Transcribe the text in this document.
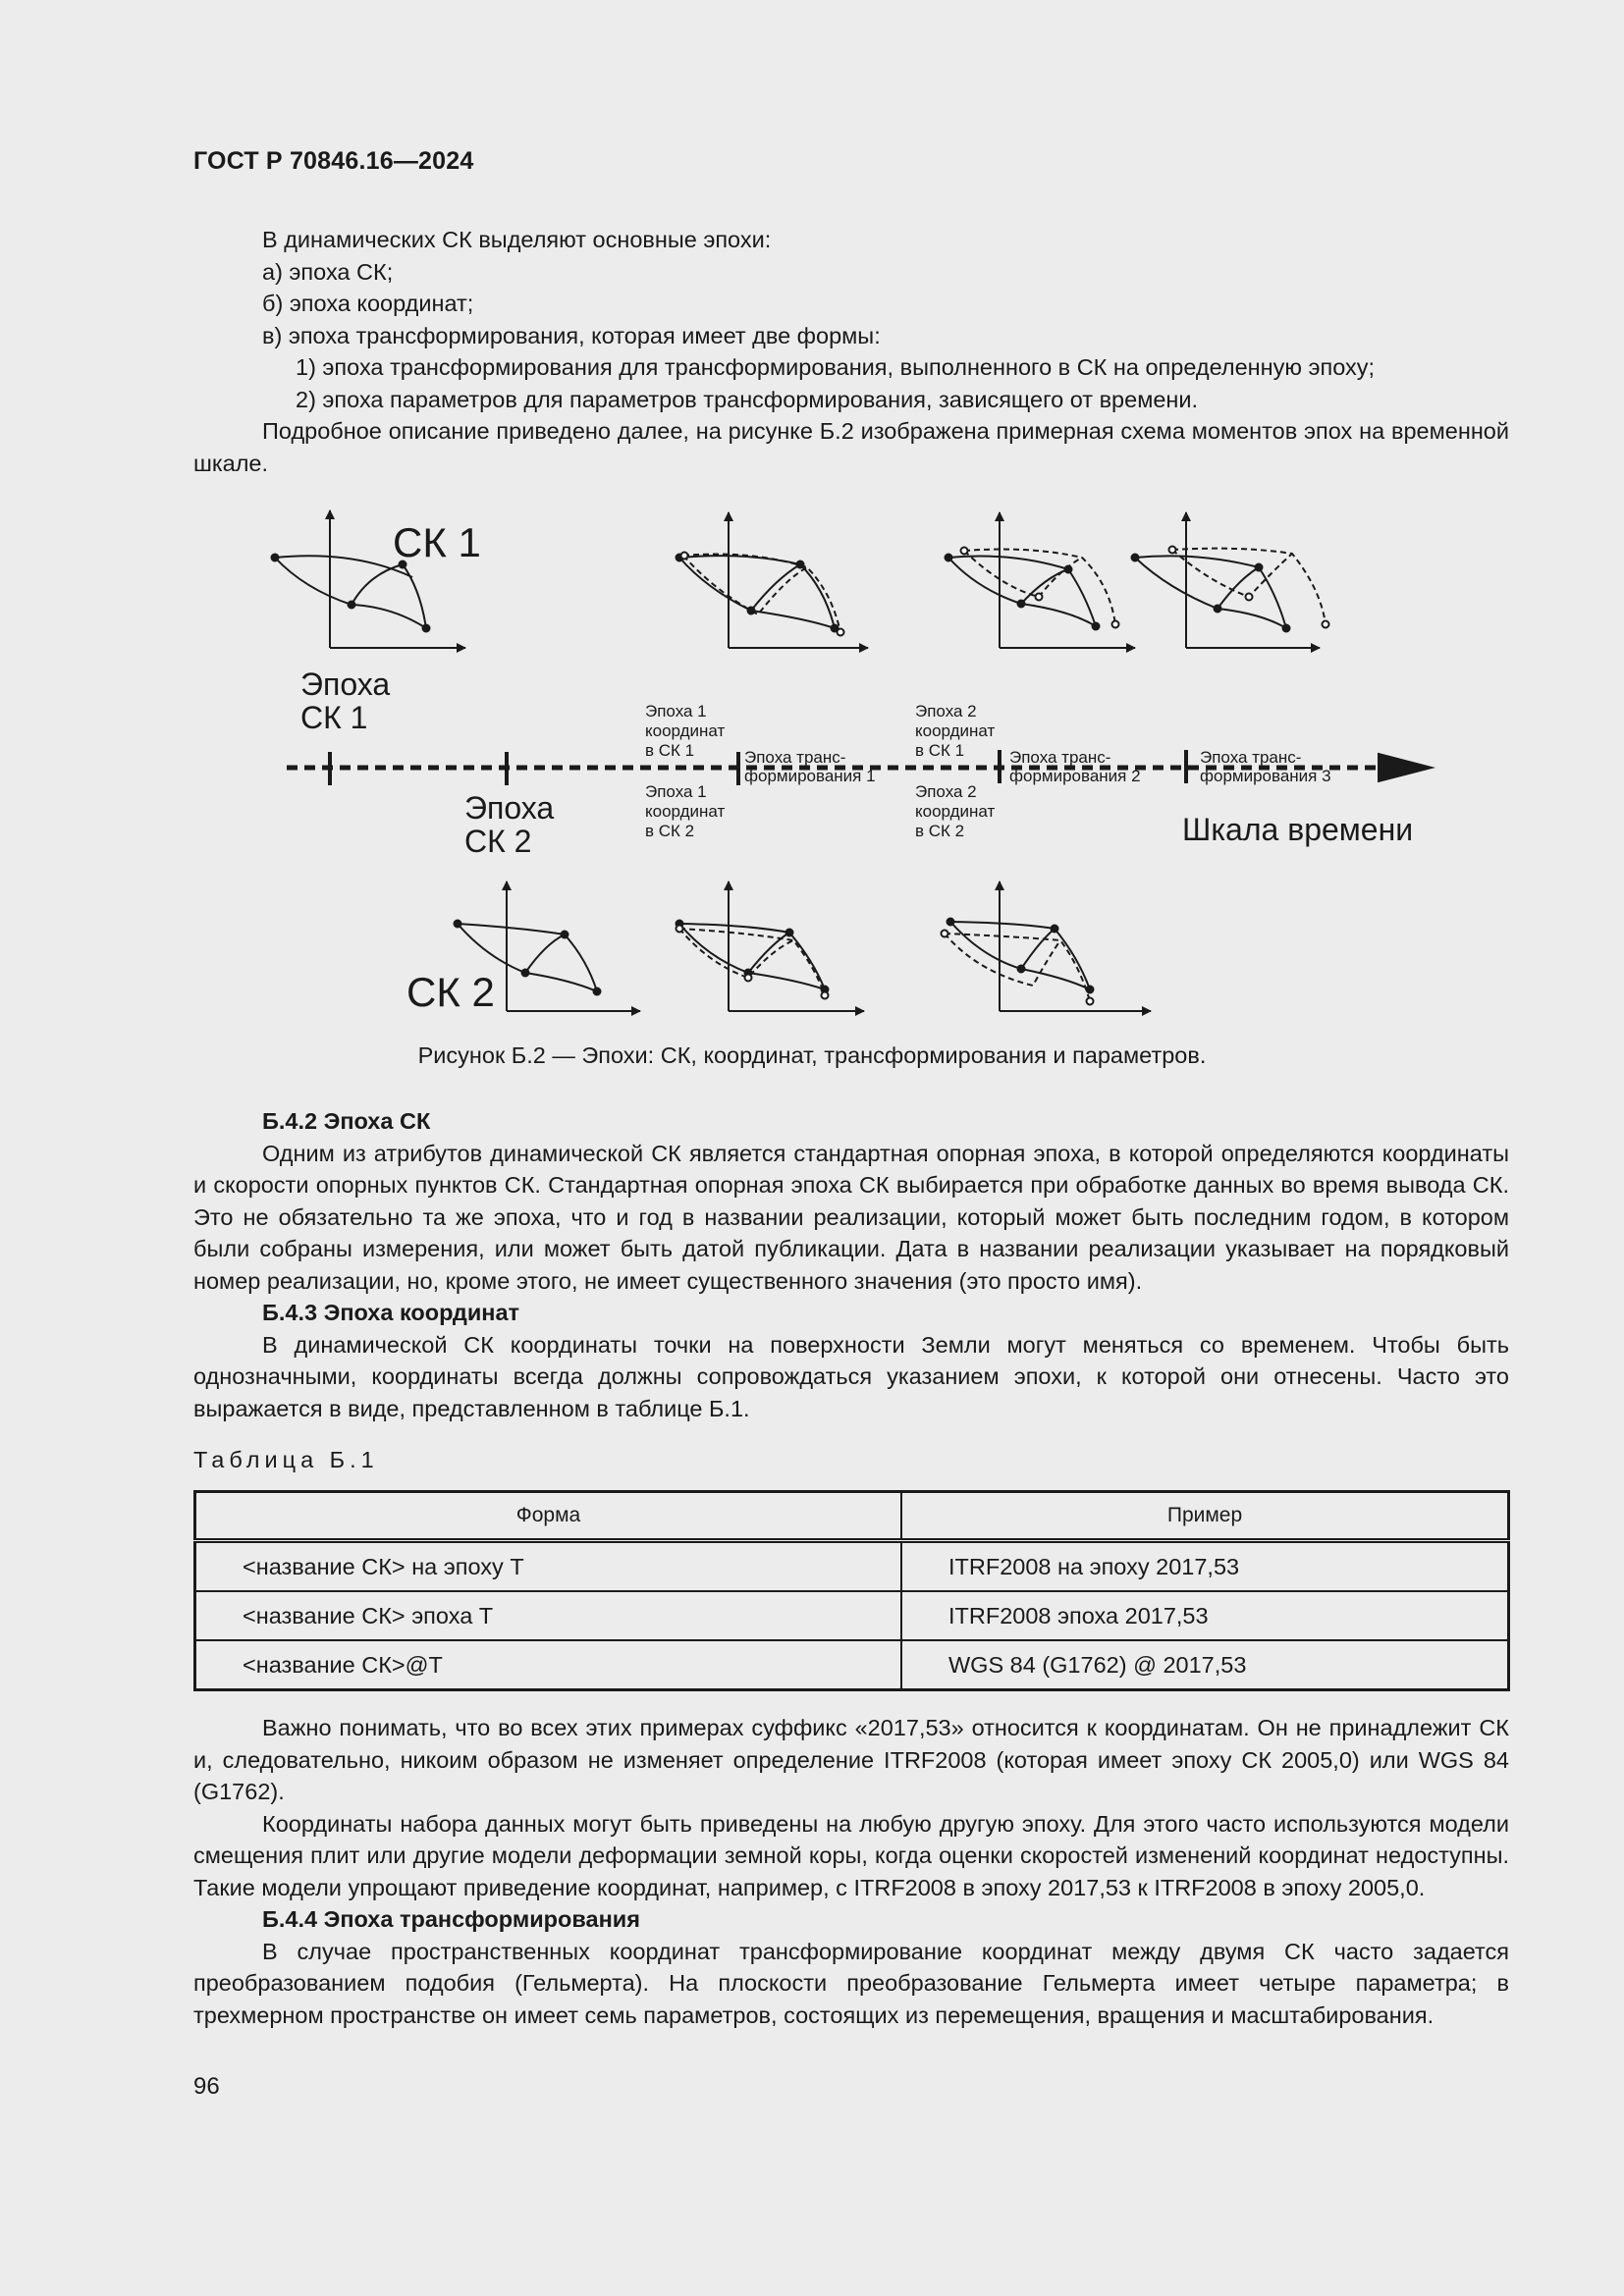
ГОСТ Р 70846.16—2024

В динамических СК выделяют основные эпохи:

а) эпоха СК;

б) эпоха координат;

в) эпоха трансформирования, которая имеет две формы:

1) эпоха трансформирования для трансформирования, выполненного в СК на определенную эпоху;

2) эпоха параметров для параметров трансформирования, зависящего от времени.

Подробное описание приведено далее, на рисунке Б.2 изображена примерная схема моментов эпох на временной шкале.

СК 1
СК 2
Эпоха
СК 1
Эпоха
СК 2
Эпоха 1
координат
в СК 1
Эпоха 1
координат
в СК 2
Эпоха 2
координат
в СК 1
Эпоха 2
координат
в СК 2
Эпоха транс-
формирования 1
Эпоха транс-
формирования 2
Эпоха транс-
формирования 3
Шкала времени
Рисунок Б.2 — Эпохи: СК, координат, трансформирования и параметров.

Б.4.2 Эпоха СК

Одним из атрибутов динамической СК является стандартная опорная эпоха, в которой определяются координаты и скорости опорных пунктов СК. Стандартная опорная эпоха СК выбирается при обработке данных во время вывода СК. Это не обязательно та же эпоха, что и год в названии реализации, который может быть последним годом, в котором были собраны измерения, или может быть датой публикации. Дата в названии реализации указывает на порядковый номер реализации, но, кроме этого, не имеет существенного значения (это просто имя).

Б.4.3 Эпоха координат

В динамической СК координаты точки на поверхности Земли могут меняться со временем. Чтобы быть однозначными, координаты всегда должны сопровождаться указанием эпохи, к которой они отнесены. Часто это выражается в виде, представленном в таблице Б.1.

Таблица Б.1
Форма	Пример
<название СК> на эпоху Т	ITRF2008 на эпоху 2017,53
<название СК> эпоха Т	ITRF2008 эпоха 2017,53
<название СК>@Т	WGS 84 (G1762) @ 2017,53

Важно понимать, что во всех этих примерах суффикс «2017,53» относится к координатам. Он не принадлежит СК и, следовательно, никоим образом не изменяет определение ITRF2008 (которая имеет эпоху СК 2005,0) или WGS 84 (G1762).

Координаты набора данных могут быть приведены на любую другую эпоху. Для этого часто используются модели смещения плит или другие модели деформации земной коры, когда оценки скоростей изменений координат недоступны. Такие модели упрощают приведение координат, например, с ITRF2008 в эпоху 2017,53 к ITRF2008 в эпоху 2005,0.

Б.4.4 Эпоха трансформирования

В случае пространственных координат трансформирование координат между двумя СК часто задается преобразованием подобия (Гельмерта). На плоскости преобразование Гельмерта имеет четыре параметра; в трехмерном пространстве он имеет семь параметров, состоящих из перемещения, вращения и масштабирования.

96
